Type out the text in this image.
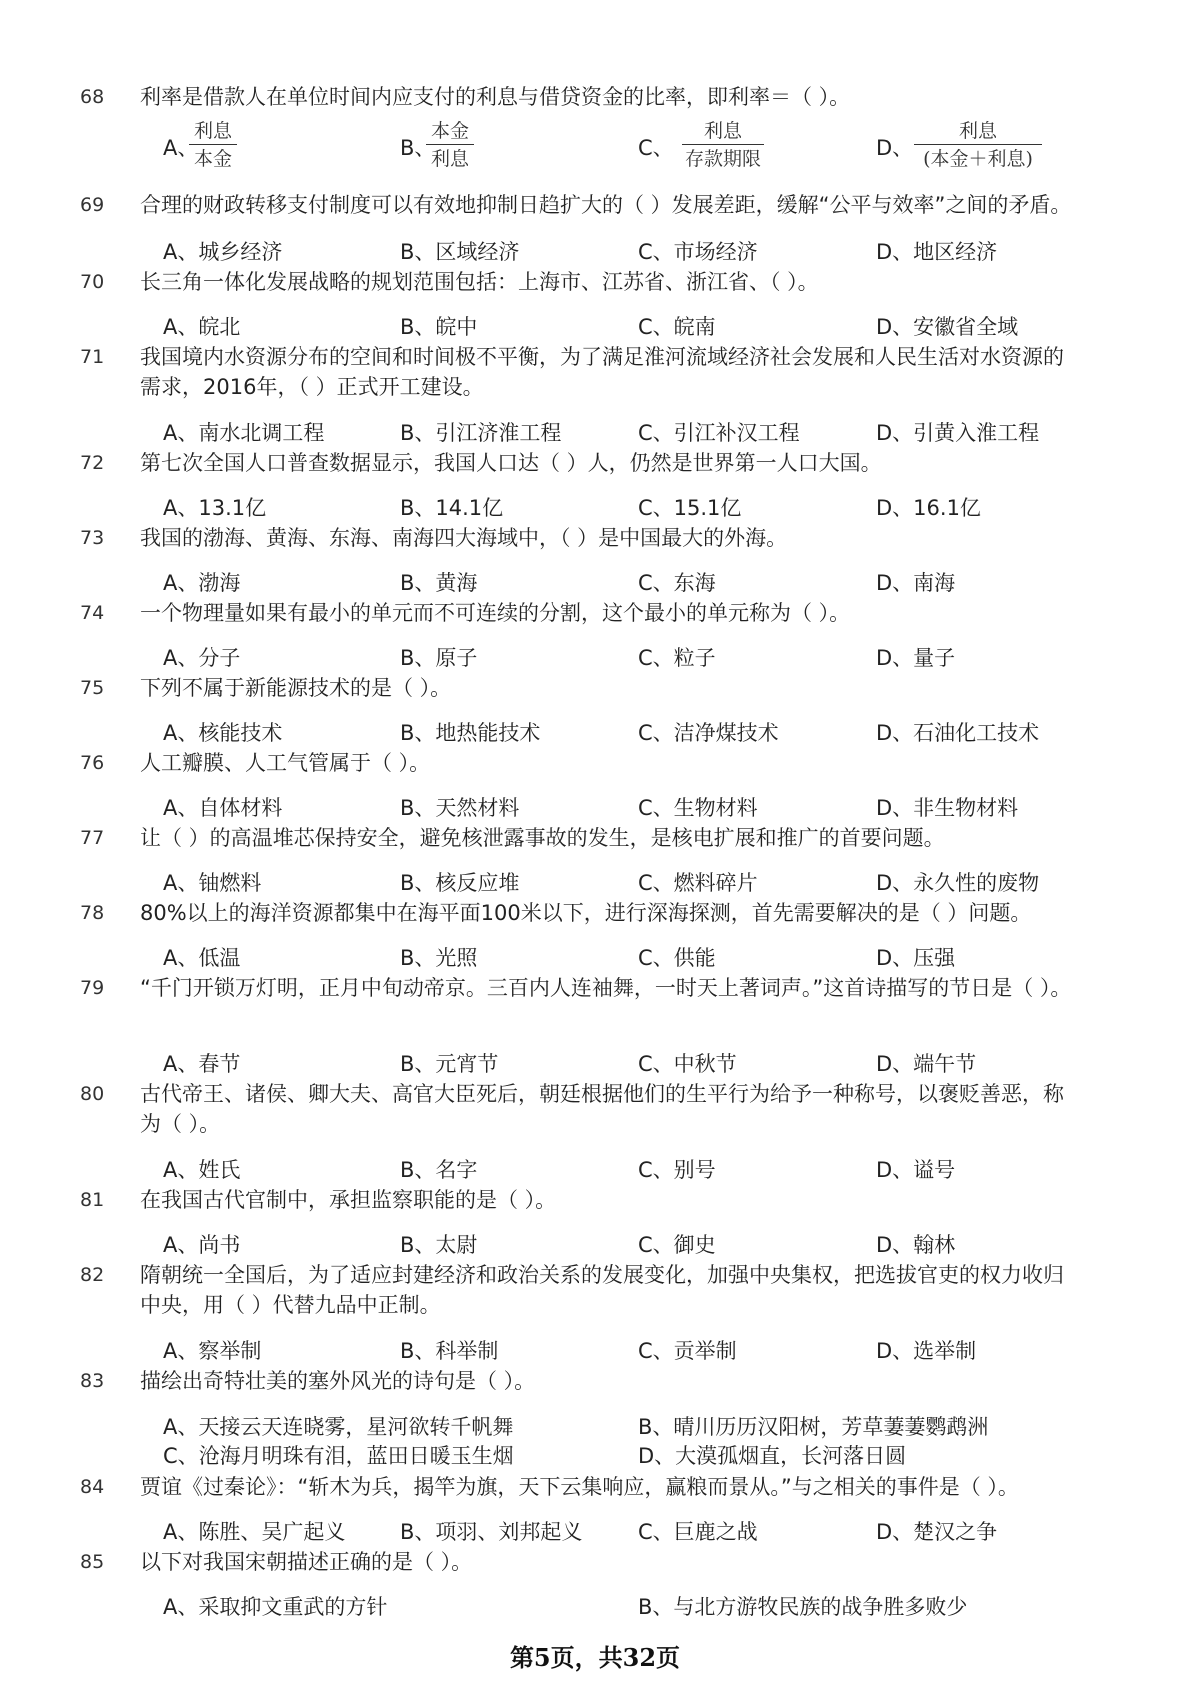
68 利率是借款人在单位时间内应支付的利息与借贷资金的比率，即利率＝（ ）。
A、
利息
本金	B、
本金
利息	C、
利息
存款期限	D、
利息
(本金＋利息)
69 合理的财政转移支付制度可以有效地抑制日趋扩大的（ ）发展差距，缓解“公平与效率”之间的矛盾。
A、城乡经济	B、区域经济	C、市场经济	D、地区经济
70 长三角一体化发展战略的规划范围包括：上海市、江苏省、浙江省、（ ）。
A、皖北	B、皖中	C、皖南	D、安徽省全域
71 我国境内水资源分布的空间和时间极不平衡，为了满足淮河流域经济社会发展和人民生活对水资源的需求，2016年，（ ）正式开工建设。
A、南水北调工程	B、引江济淮工程	C、引江补汉工程	D、引黄入淮工程
72 第七次全国人口普查数据显示，我国人口达（ ）人，仍然是世界第一人口大国。
A、13.1亿	B、14.1亿	C、15.1亿	D、16.1亿
73 我国的渤海、黄海、东海、南海四大海域中，（ ）是中国最大的外海。
A、渤海	B、黄海	C、东海	D、南海
74 一个物理量如果有最小的单元而不可连续的分割，这个最小的单元称为（ ）。
A、分子	B、原子	C、粒子	D、量子
75 下列不属于新能源技术的是（ ）。
A、核能技术	B、地热能技术	C、洁净煤技术	D、石油化工技术
76 人工瓣膜、人工气管属于（ ）。
A、自体材料	B、天然材料	C、生物材料	D、非生物材料
77 让（ ）的高温堆芯保持安全，避免核泄露事故的发生，是核电扩展和推广的首要问题。
A、铀燃料	B、核反应堆	C、燃料碎片	D、永久性的废物
78 80%以上的海洋资源都集中在海平面100米以下，进行深海探测，首先需要解决的是（ ）问题。
A、低温	B、光照	C、供能	D、压强
79 “千门开锁万灯明，正月中旬动帝京。三百内人连袖舞，一时天上著词声。”这首诗描写的节日是（ ）。
A、春节	B、元宵节	C、中秋节	D、端午节
80 古代帝王、诸侯、卿大夫、高官大臣死后，朝廷根据他们的生平行为给予一种称号，以褒贬善恶，称为（ ）。
A、姓氏	B、名字	C、别号	D、谥号
81 在我国古代官制中，承担监察职能的是（ ）。
A、尚书	B、太尉	C、御史	D、翰林
82 隋朝统一全国后，为了适应封建经济和政治关系的发展变化，加强中央集权，把选拔官吏的权力收归中央，用（ ）代替九品中正制。
A、察举制	B、科举制	C、贡举制	D、选举制
83 描绘出奇特壮美的塞外风光的诗句是（ ）。
A、天接云天连晓雾，星河欲转千帆舞	B、晴川历历汉阳树，芳草萋萋鹦鹉洲
C、沧海月明珠有泪，蓝田日暖玉生烟	D、大漠孤烟直，长河落日圆
84 贾谊《过秦论》：“斩木为兵，揭竿为旗，天下云集响应，赢粮而景从。”与之相关的事件是（ ）。
A、陈胜、吴广起义	B、项羽、刘邦起义	C、巨鹿之战	D、楚汉之争
85 以下对我国宋朝描述正确的是（ ）。
A、采取抑文重武的方针	B、与北方游牧民族的战争胜多败少
第5页，共32页
